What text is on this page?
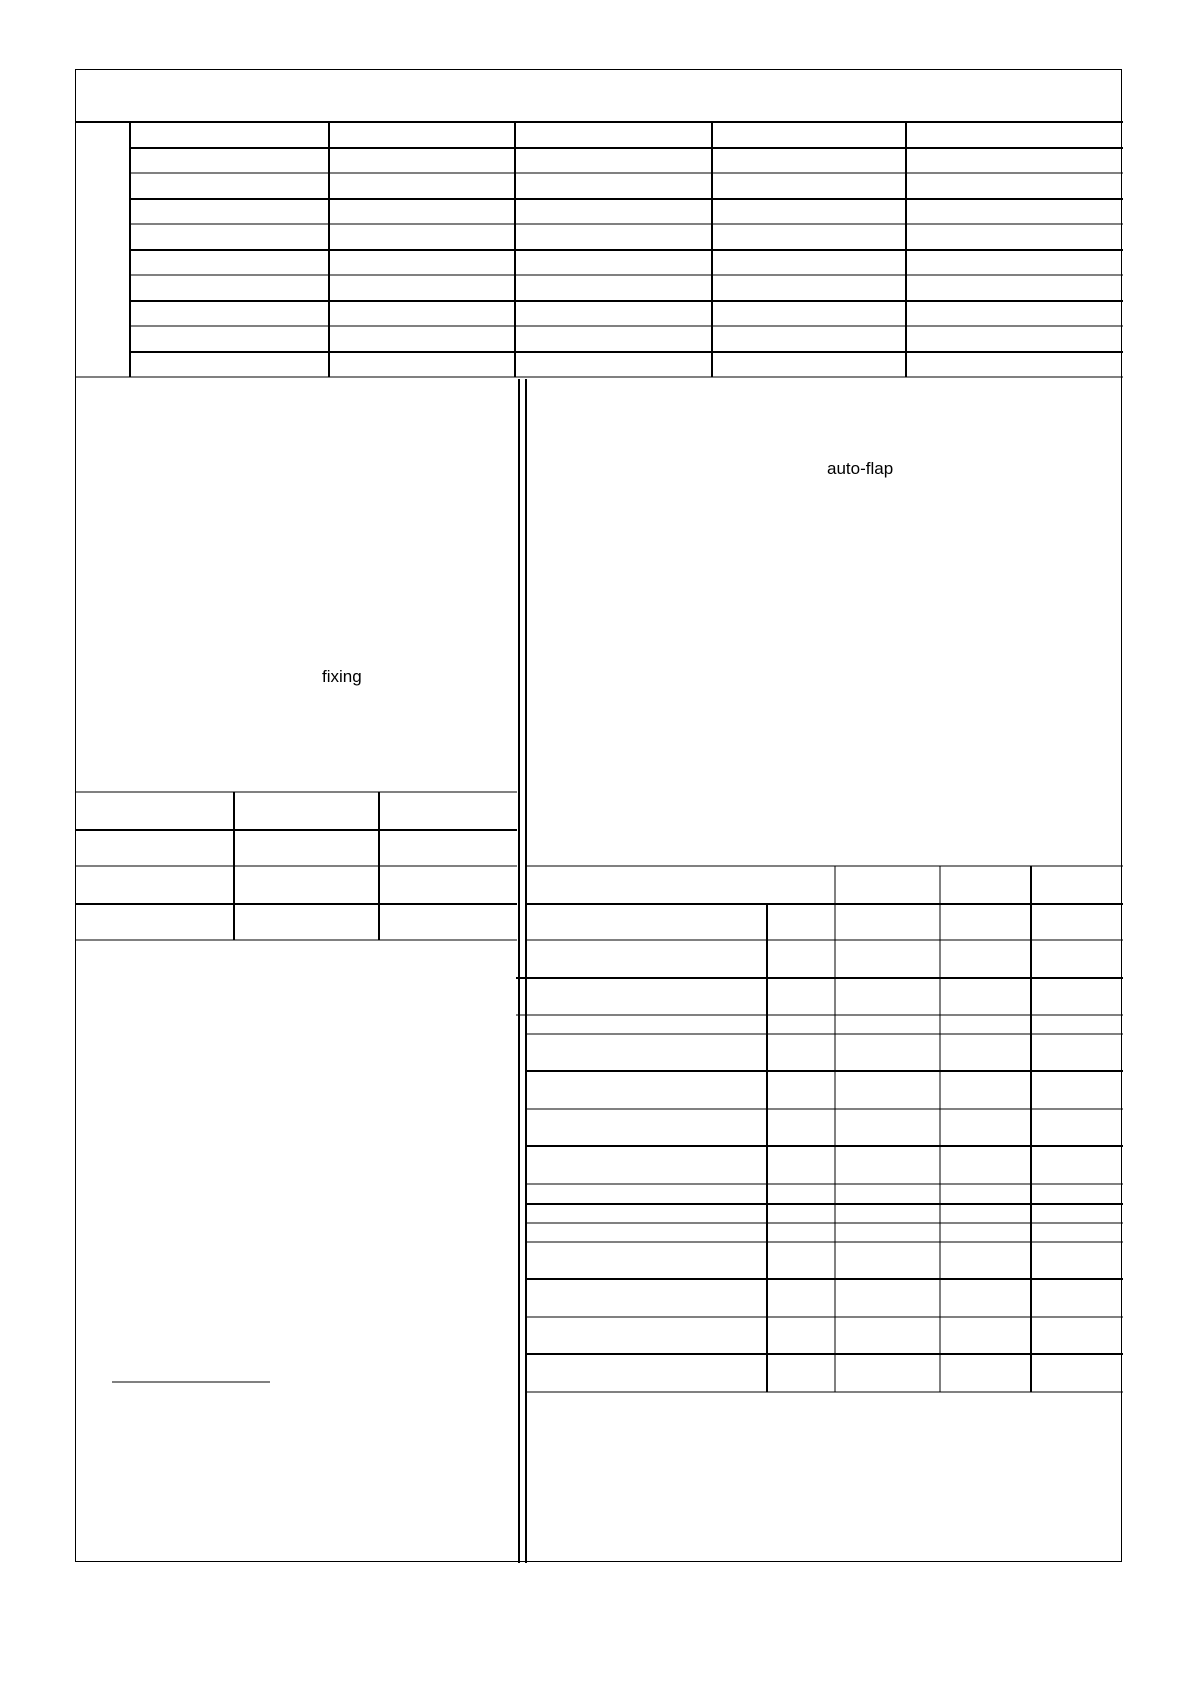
fixing
auto-flap
